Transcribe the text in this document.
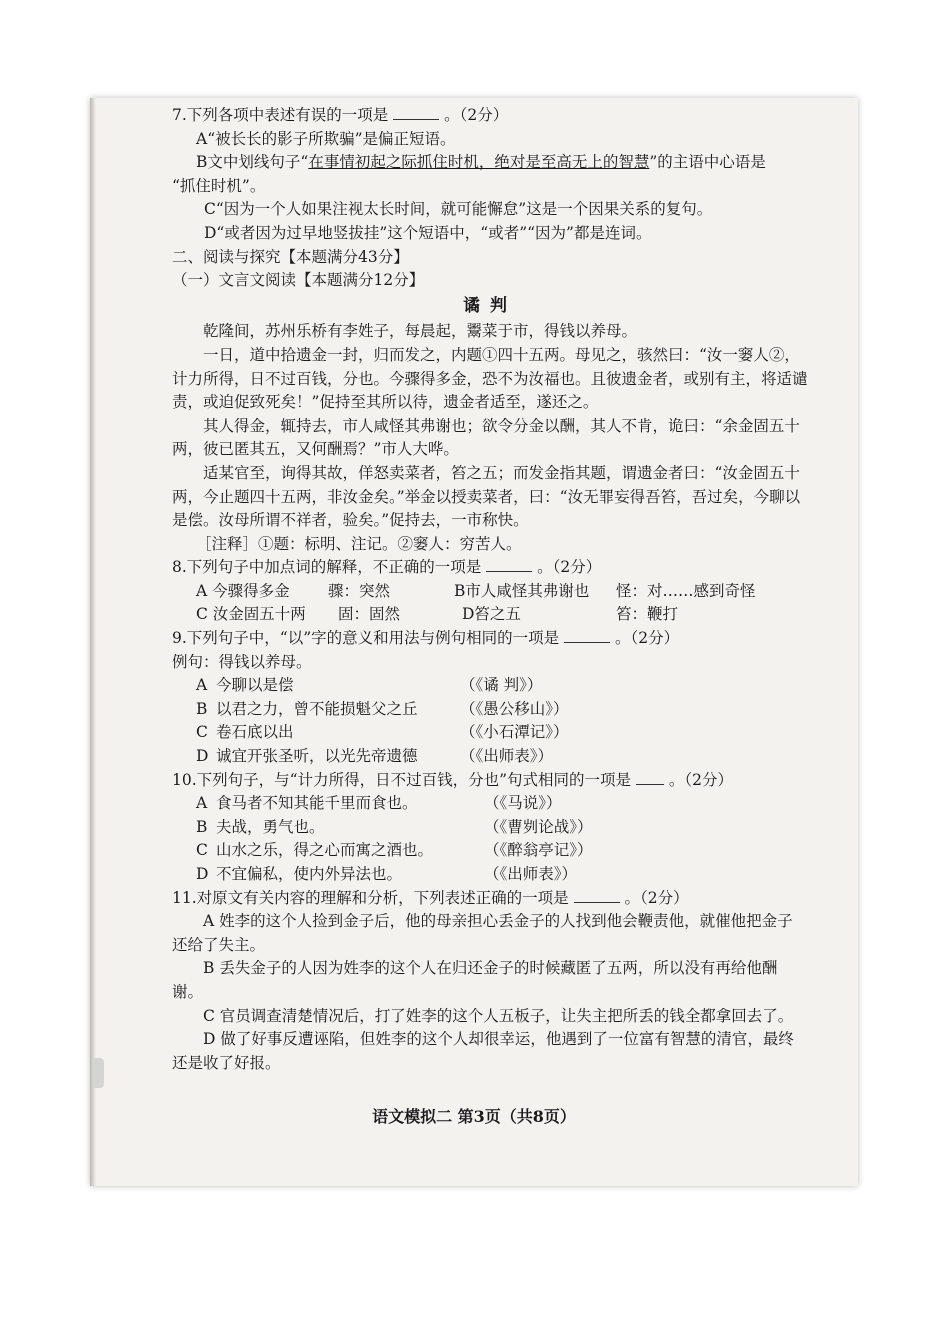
7.下列各项中表述有误的一项是	。（2分）
A“被长长的影子所欺骗”是偏正短语。
B文中划线句子“在事情初起之际抓住时机，绝对是至高无上的智慧”的主语中心语是
“抓住时机”。
C“因为一个人如果注视太长时间，就可能懈怠”这是一个因果关系的复句。
D“或者因为过早地竖拔挂”这个短语中，“或者”“因为”都是连词。
二、阅读与探究【本题满分43分】
（一）文言文阅读【本题满分12分】
谲判
乾隆间，苏州乐桥有李姓子，每晨起，鬻菜于市，得钱以养母。
一日，道中拾遗金一封，归而发之，内题①四十五两。母见之，骇然曰：“汝一窭人②，计力所得，日不过百钱，分也。今骤得多金，恐不为汝福也。且彼遗金者，或别有主，将适谴责，或迫促致死矣！”促持至其所以待，遗金者适至，遂还之。
其人得金，辄持去，市人咸怪其弗谢也；欲令分金以酬，其人不肯，诡曰：“余金固五十两，彼已匿其五，又何酬焉？”市人大哗。
适某官至，询得其故，佯怒卖菜者，笞之五；而发金指其题，谓遗金者曰：“汝金固五十两，今止题四十五两，非汝金矣。”举金以授卖菜者，曰：“汝无罪妄得吾笞，吾过矣，今聊以是偿。汝母所谓不祥者，验矣。”促持去，一市称快。
［注释］①题：标明、注记。②窭人：穷苦人。
8.下列句子中加点词的解释，不正确的一项是	。（2分）
A 今骤得多金	骤：突然	B市人咸怪其弗谢也	怪：对……感到奇怪
C 汝金固五十两	固：固然	D笞之五	笞：鞭打
9.下列句子中，“以”字的意义和用法与例句相同的一项是	。（2分）
例句：得钱以养母。
A 今聊以是偿	（《谲 判》）
B 以君之力，曾不能损魁父之丘	（《愚公移山》）
C 卷石底以出	（《小石潭记》）
D 诚宜开张圣听，以光先帝遗德	（《出师表》）
10.下列句子，与“计力所得，日不过百钱，分也”句式相同的一项是 。（2分）
A 食马者不知其能千里而食也。	（《马说》）
B 夫战，勇气也。	（《曹刿论战》）
C 山水之乐，得之心而寓之酒也。	（《醉翁亭记》）
D 不宜偏私，使内外异法也。	（《出师表》）
11.对原文有关内容的理解和分析，下列表述正确的一项是	。（2分）
A 姓李的这个人捡到金子后，他的母亲担心丢金子的人找到他会鞭责他，就催他把金子还给了失主。
B 丢失金子的人因为姓李的这个人在归还金子的时候藏匿了五两，所以没有再给他酬谢。
C 官员调查清楚情况后，打了姓李的这个人五板子，让失主把所丢的钱全都拿回去了。
D 做了好事反遭诬陷，但姓李的这个人却很幸运，他遇到了一位富有智慧的清官，最终还是收了好报。
语文模拟二 第3页（共8页）
